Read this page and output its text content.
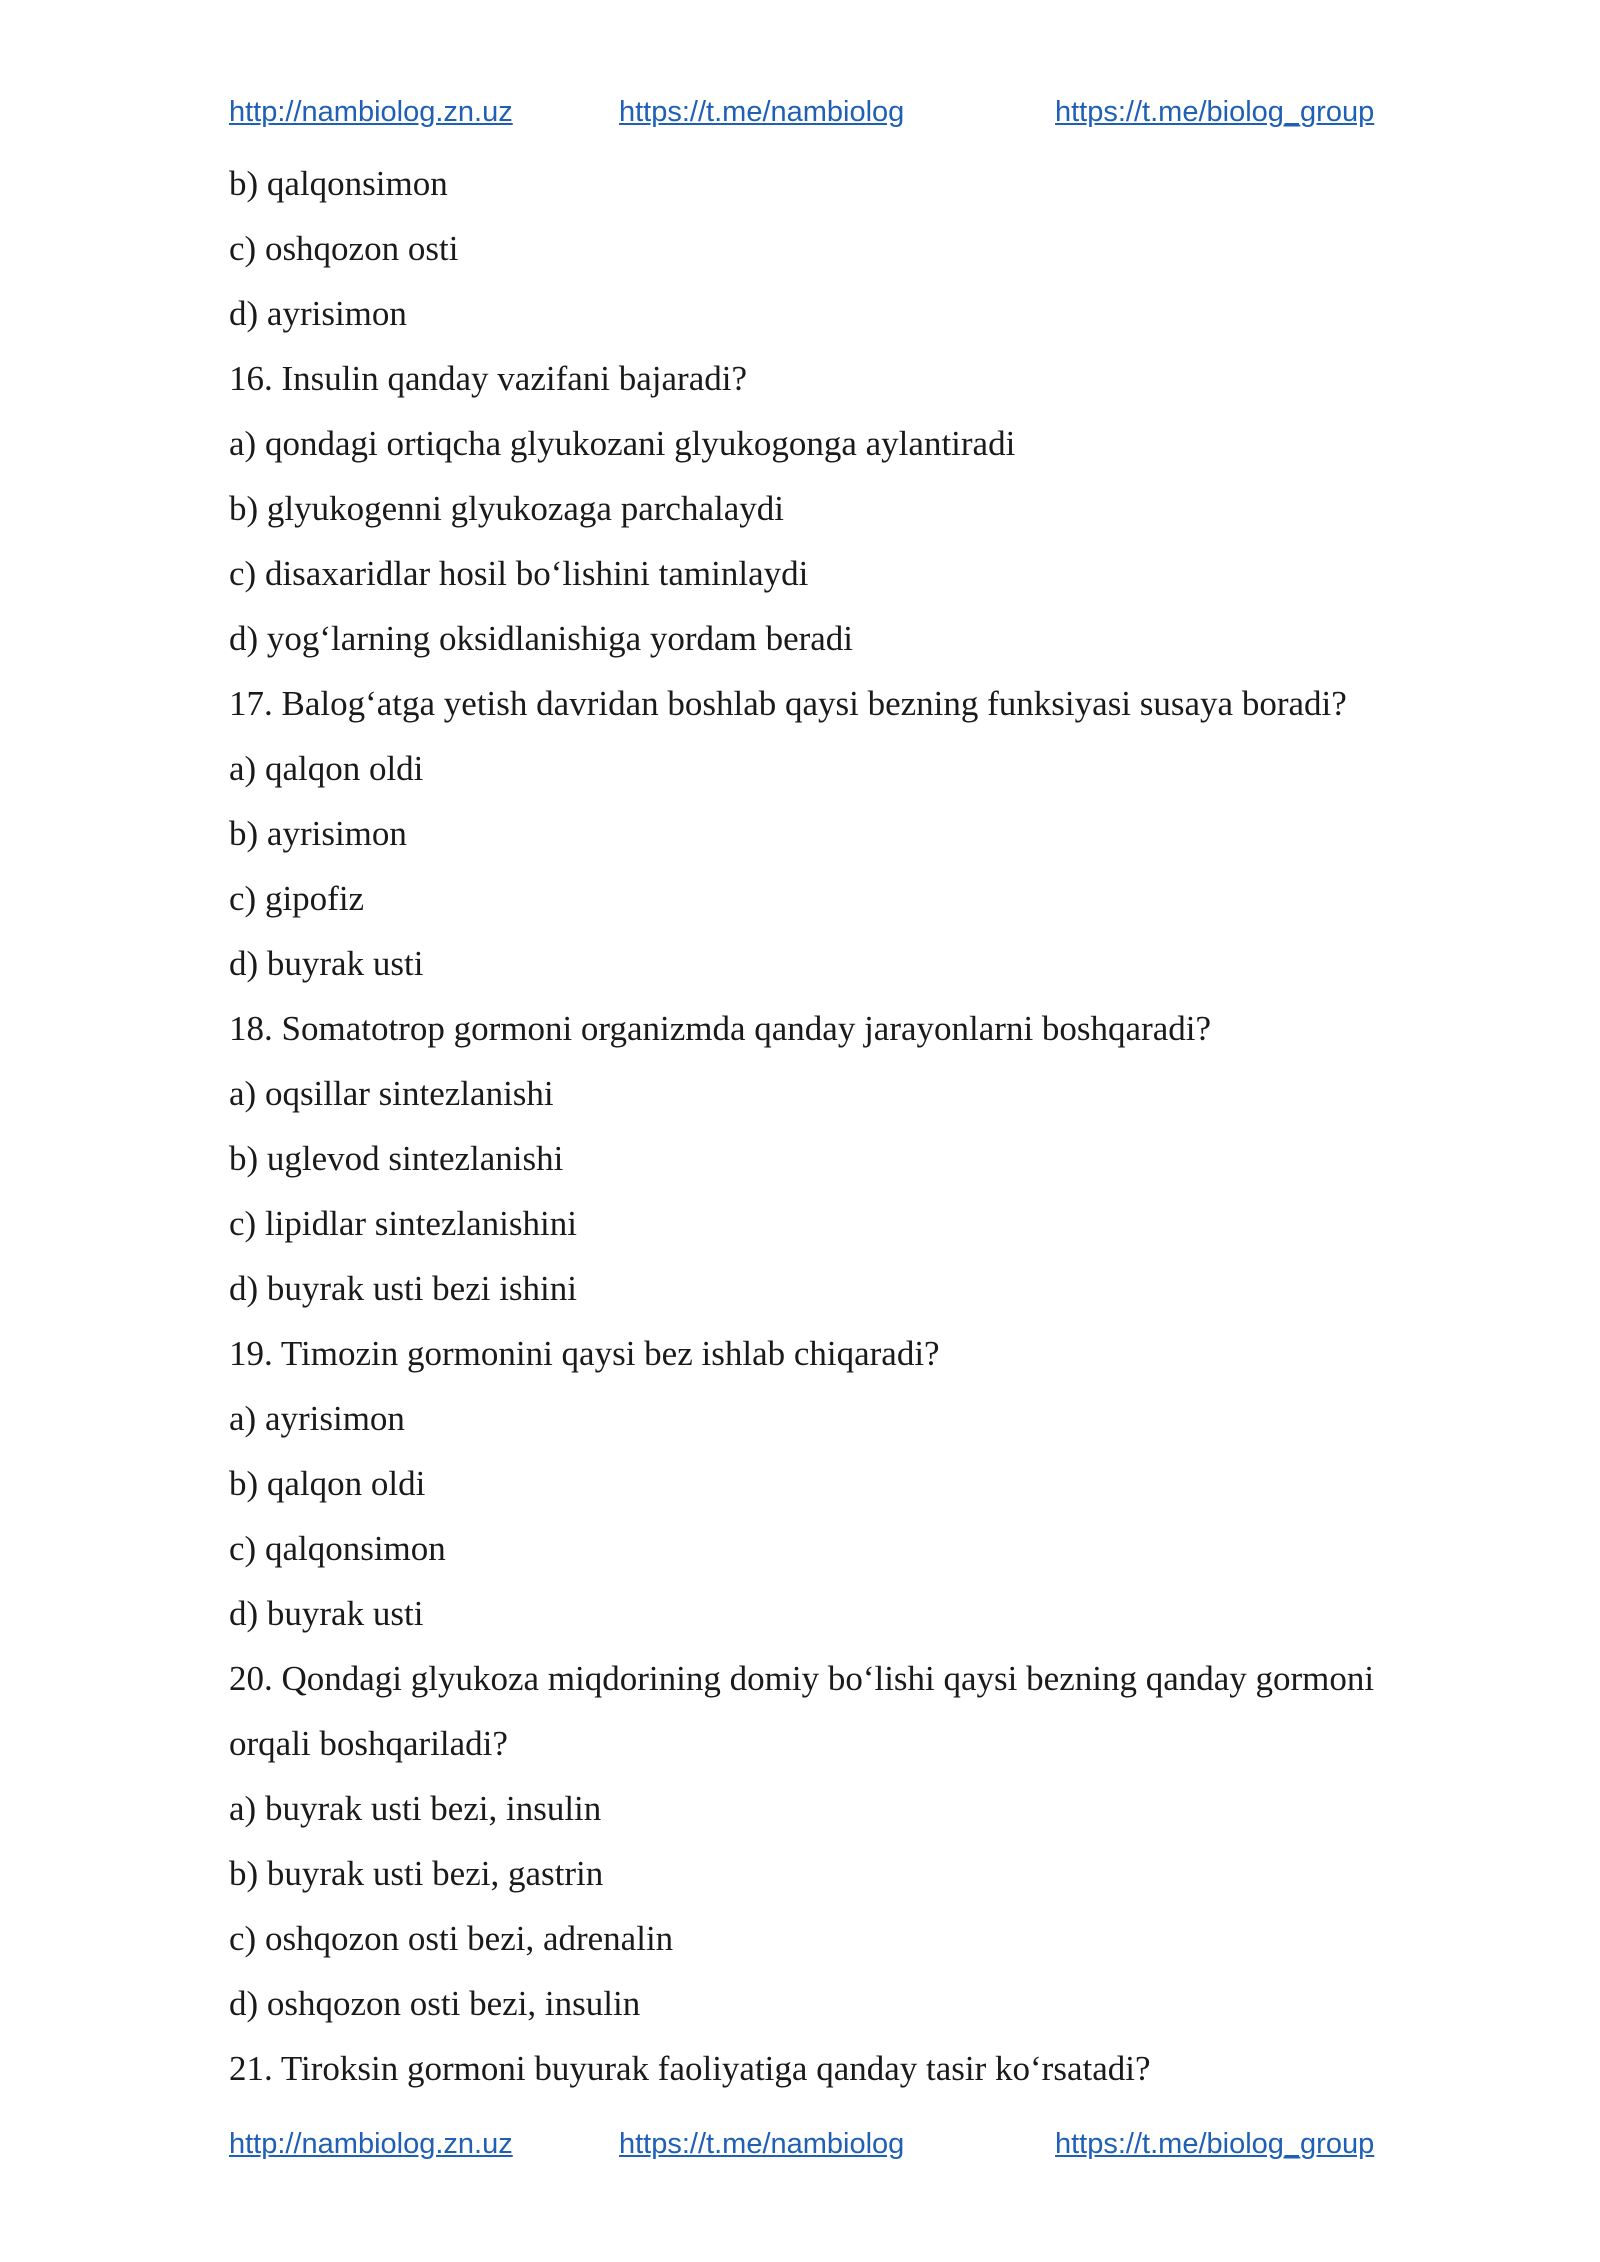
http://nambiolog.zn.uz	https://t.me/nambiolog	https://t.me/biolog_group

b) qalqonsimon

c) oshqozon osti

d) ayrisimon

16. Insulin qanday vazifani bajaradi?

a) qondagi ortiqcha glyukozani glyukogonga aylantiradi

b) glyukogenni glyukozaga parchalaydi

c) disaxaridlar hosil bo‘lishini taminlaydi

d) yog‘larning oksidlanishiga yordam beradi

17. Balog‘atga yetish davridan boshlab qaysi bezning funksiyasi susaya boradi?

a) qalqon oldi

b) ayrisimon

c) gipofiz

d) buyrak usti

18. Somatotrop gormoni organizmda qanday jarayonlarni boshqaradi?

a) oqsillar sintezlanishi

b) uglevod sintezlanishi

c) lipidlar sintezlanishini

d) buyrak usti bezi ishini

19. Timozin gormonini qaysi bez ishlab chiqaradi?

a) ayrisimon

b) qalqon oldi

c) qalqonsimon

d) buyrak usti

20. Qondagi glyukoza miqdorining domiy bo‘lishi qaysi bezning qanday gormoni

orqali boshqariladi?

a) buyrak usti bezi, insulin

b) buyrak usti bezi, gastrin

c) oshqozon osti bezi, adrenalin

d) oshqozon osti bezi, insulin

21. Tiroksin gormoni buyurak faoliyatiga qanday tasir ko‘rsatadi?

http://nambiolog.zn.uz	https://t.me/nambiolog	https://t.me/biolog_group
